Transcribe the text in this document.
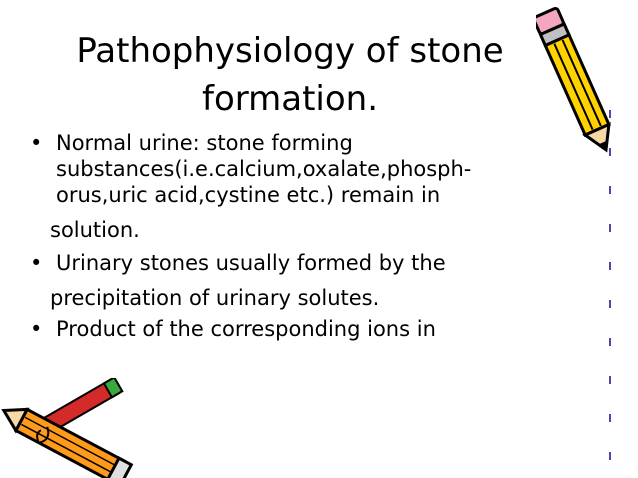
Pathophysiology of stone
formation.
• Normal urine: stone forming
substances(i.e.calcium,oxalate,phosph-
orus,uric acid,cystine etc.) remain in
solution.
• Urinary stones usually formed by the
precipitation of urinary solutes.
• Product of the corresponding ions in
